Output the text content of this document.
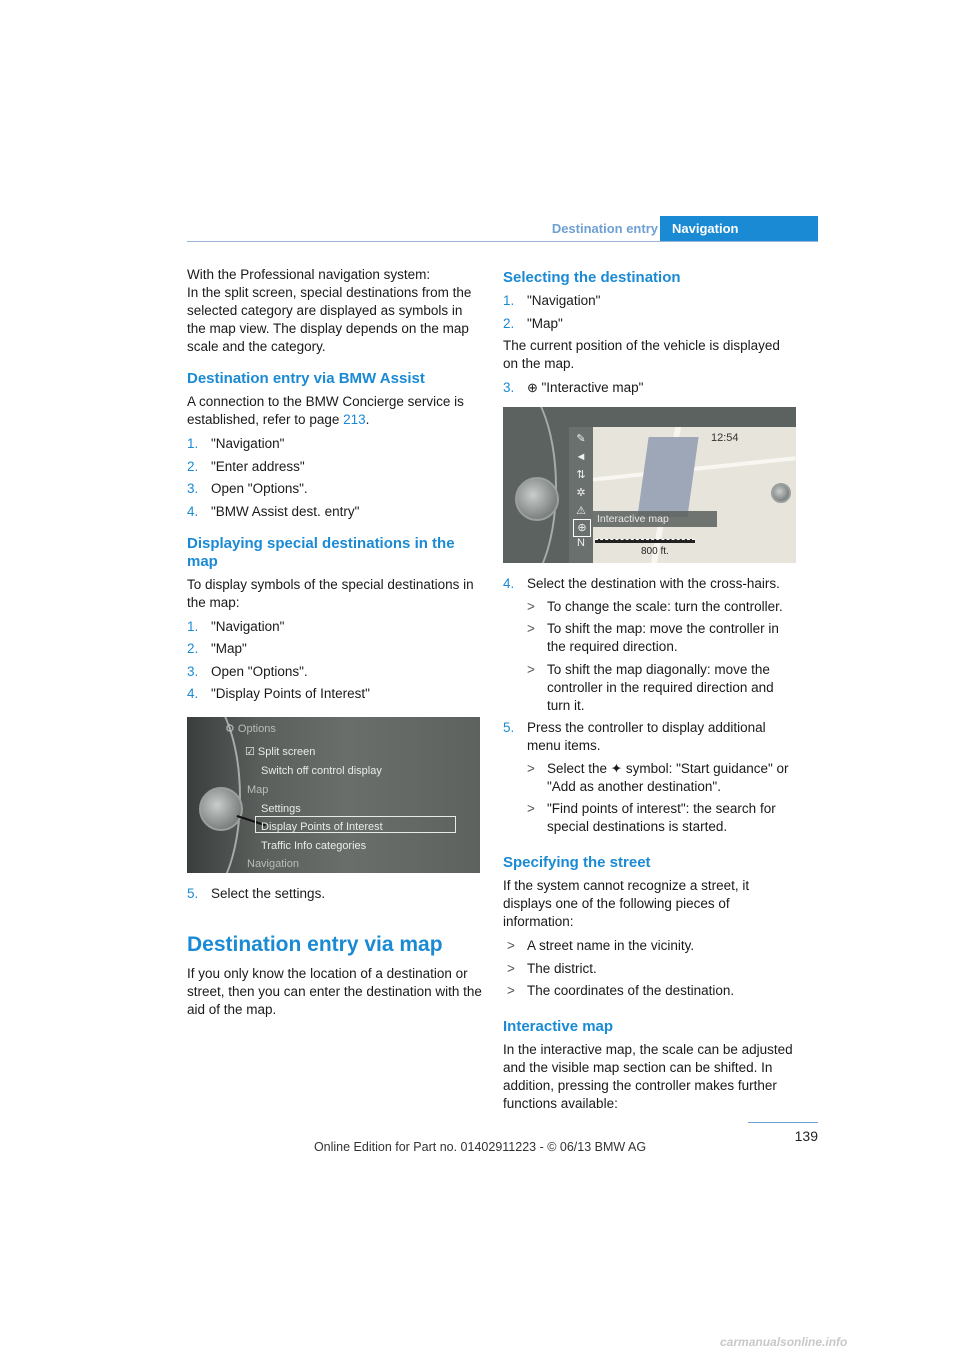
Destination entry	Navigation

With the Professional navigation system:

In the split screen, special destinations from the selected category are displayed as symbols in the map view. The display depends on the map scale and the category.

Destination entry via BMW Assist

A connection to the BMW Concierge service is established, refer to page 213.

1. "Navigation"
2. "Enter address"
3. Open "Options".
4. "BMW Assist dest. entry"
Displaying special destinations in the map

To display symbols of the special destinations in the map:

1. "Navigation"
2. "Map"
3. Open "Options".
4. "Display Points of Interest"
⚙ Options
☑ Split screen
Switch off control display
Map
Settings
Display Points of Interest
Traffic Info categories
Navigation
5. Select the settings.
Destination entry via map

If you only know the location of a destination or street, then you can enter the destination with the aid of the map.

Selecting the destination
1. "Navigation"
2. "Map"

The current position of the vehicle is displayed on the map.

3. ⊕ "Interactive map"
✎
◄
⇅
✲
⚠
⊕
N
12:54
Interactive map
800 ft.
4. Select the destination with the cross-hairs.
> To change the scale: turn the controller.
> To shift the map: move the controller in the required direction.
> To shift the map diagonally: move the controller in the required direction and turn it.
5. Press the controller to display additional menu items.
> Select the ✦ symbol: "Start guidance" or "Add as another destination".
> "Find points of interest": the search for special destinations is started.
Specifying the street

If the system cannot recognize a street, it displays one of the following pieces of information:

> A street name in the vicinity.
> The district.
> The coordinates of the destination.
Interactive map

In the interactive map, the scale can be adjusted and the visible map section can be shifted. In addition, pressing the controller makes further functions available:

139
Online Edition for Part no. 01402911223 - © 06/13 BMW AG
carmanualsonline.info
